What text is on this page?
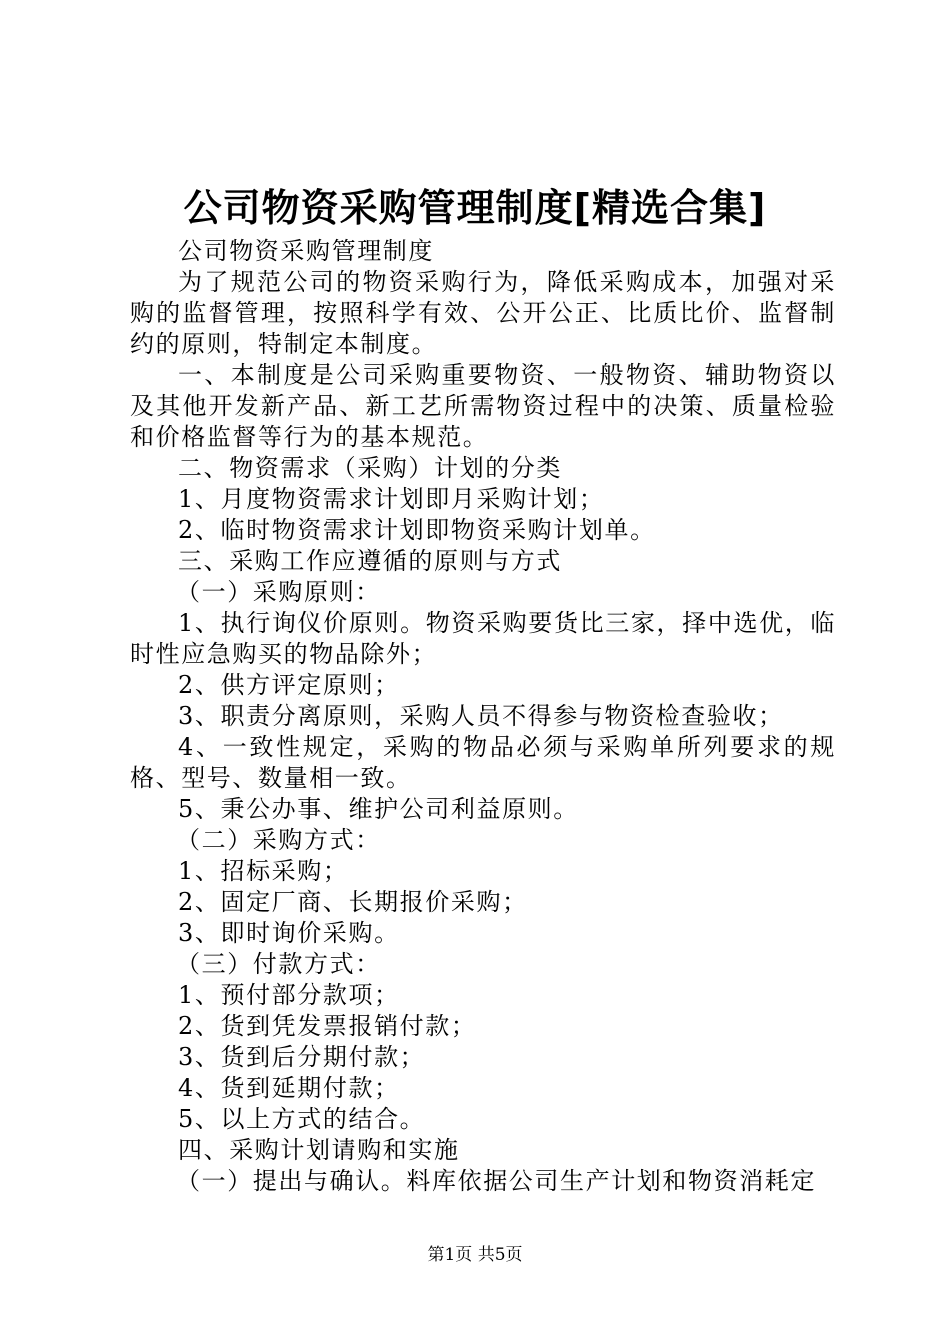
公司物资采购管理制度[精选合集]

公司物资采购管理制度

为了规范公司的物资采购行为，降低采购成本，加强对采购的监督管理，按照科学有效、公开公正、比质比价、监督制约的原则，特制定本制度。

一、本制度是公司采购重要物资、一般物资、辅助物资以及其他开发新产品、新工艺所需物资过程中的决策、质量检验和价格监督等行为的基本规范。

二、物资需求（采购）计划的分类

1、月度物资需求计划即月采购计划；

2、临时物资需求计划即物资采购计划单。

三、采购工作应遵循的原则与方式

（一）采购原则：

1、执行询仪价原则。物资采购要货比三家，择中选优，临时性应急购买的物品除外；

2、供方评定原则；

3、职责分离原则，采购人员不得参与物资检查验收；

4、一致性规定，采购的物品必须与采购单所列要求的规格、型号、数量相一致。

5、秉公办事、维护公司利益原则。

（二）采购方式：

1、招标采购；

2、固定厂商、长期报价采购；

3、即时询价采购。

（三）付款方式：

1、预付部分款项；

2、货到凭发票报销付款；

3、货到后分期付款；

4、货到延期付款；

5、以上方式的结合。

四、采购计划请购和实施

（一）提出与确认。料库依据公司生产计划和物资消耗定

第1页 共5页
